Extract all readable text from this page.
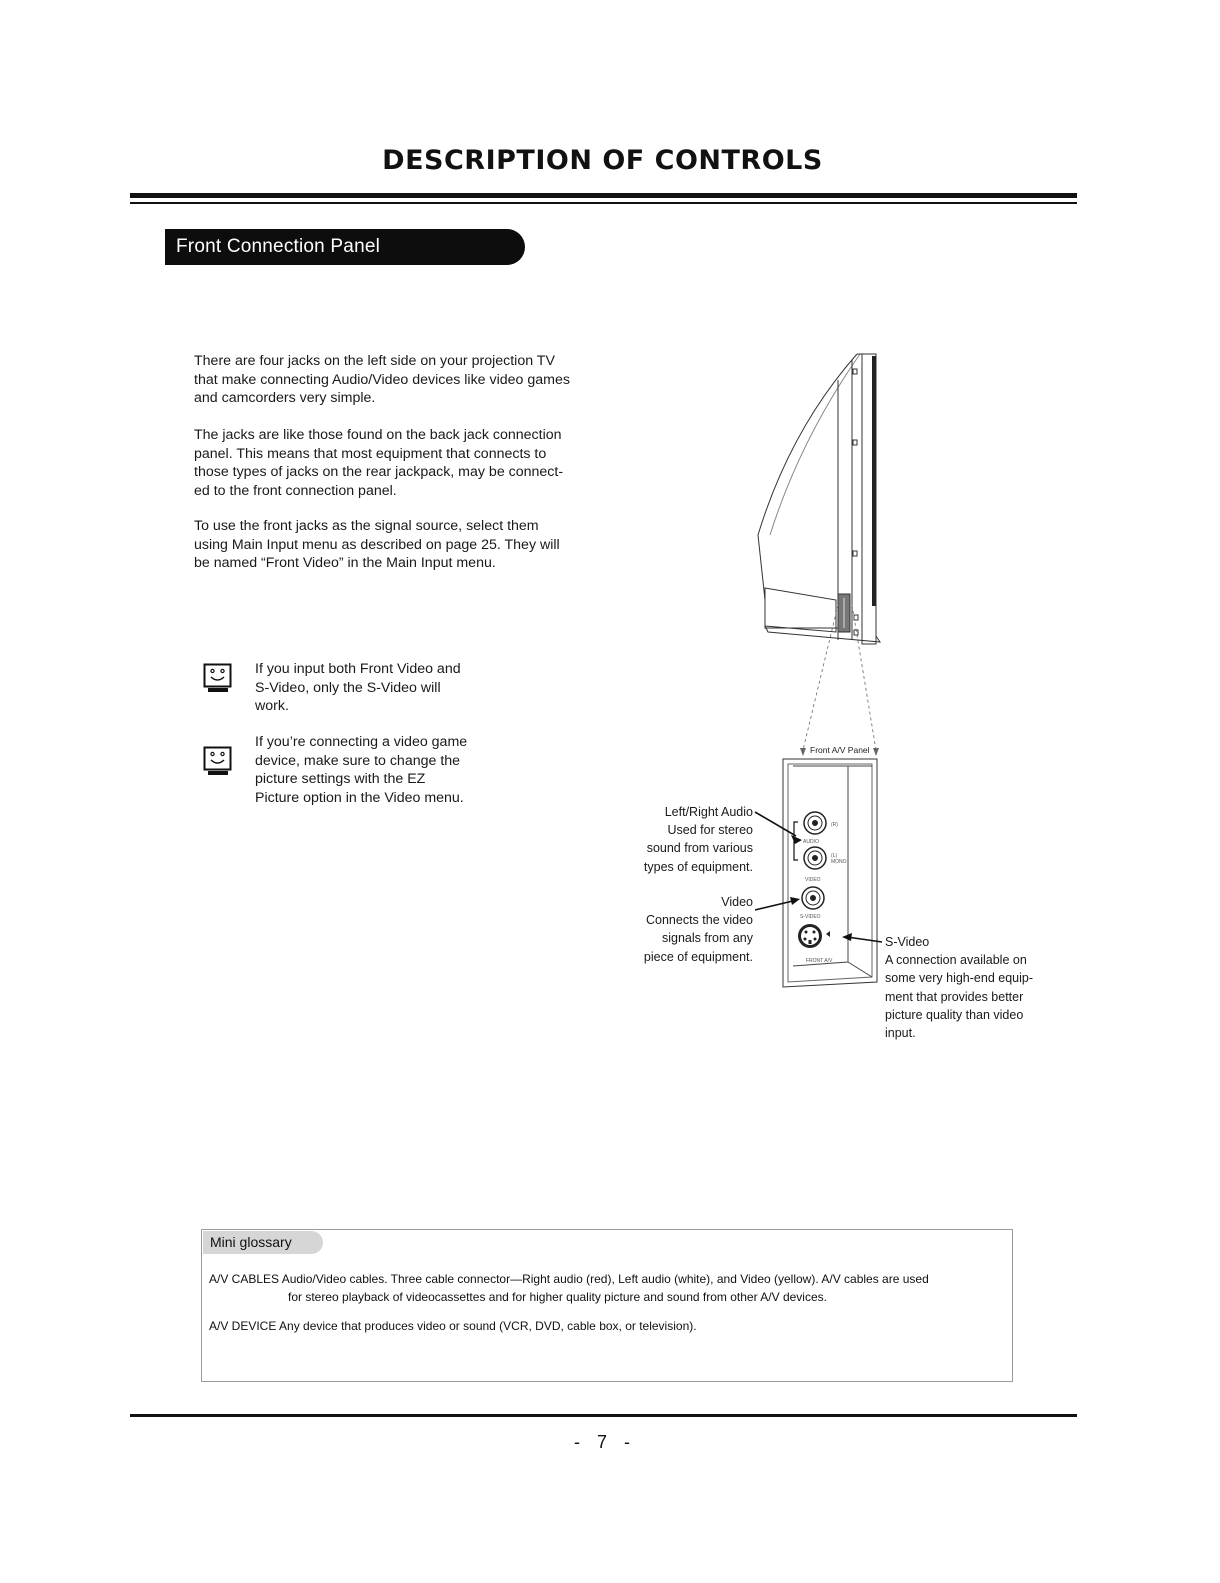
DESCRIPTION OF CONTROLS
Front Connection Panel

There are four jacks on the left side on your projection TV
that make connecting Audio/Video devices like video games
and camcorders very simple.

The jacks are like those found on the back jack connection
panel. This means that most equipment that connects to
those types of jacks on the rear jackpack, may be connect-
ed to the front connection panel.

To use the front jacks as the signal source, select them
using Main Input menu as described on page 25. They will
be named “Front Video” in the Main Input menu.

If you input both Front Video and
S-Video, only the S-Video will
work.

If you’re connecting a video game
device, make sure to change the
picture settings with the EZ
Picture option in the Video menu.

Front A/V Panel
(R)
AUDIO
(L)
MONO
VIDEO
S-VIDEO
FRONT A/V

Left/Right Audio
Used for stereo
sound from various
types of equipment.

Video
Connects the video
signals from any
piece of equipment.

S-Video
A connection available on
some very high-end equip-
ment that provides better
picture quality than video
input.

Mini glossary

A/V CABLES Audio/Video cables. Three cable connector—Right audio (red), Left audio (white), and Video (yellow). A/V cables are used

for stereo playback of videocassettes and for higher quality picture and sound from other A/V devices.

A/V DEVICE Any device that produces video or sound (VCR, DVD, cable box, or television).

- 7 -
